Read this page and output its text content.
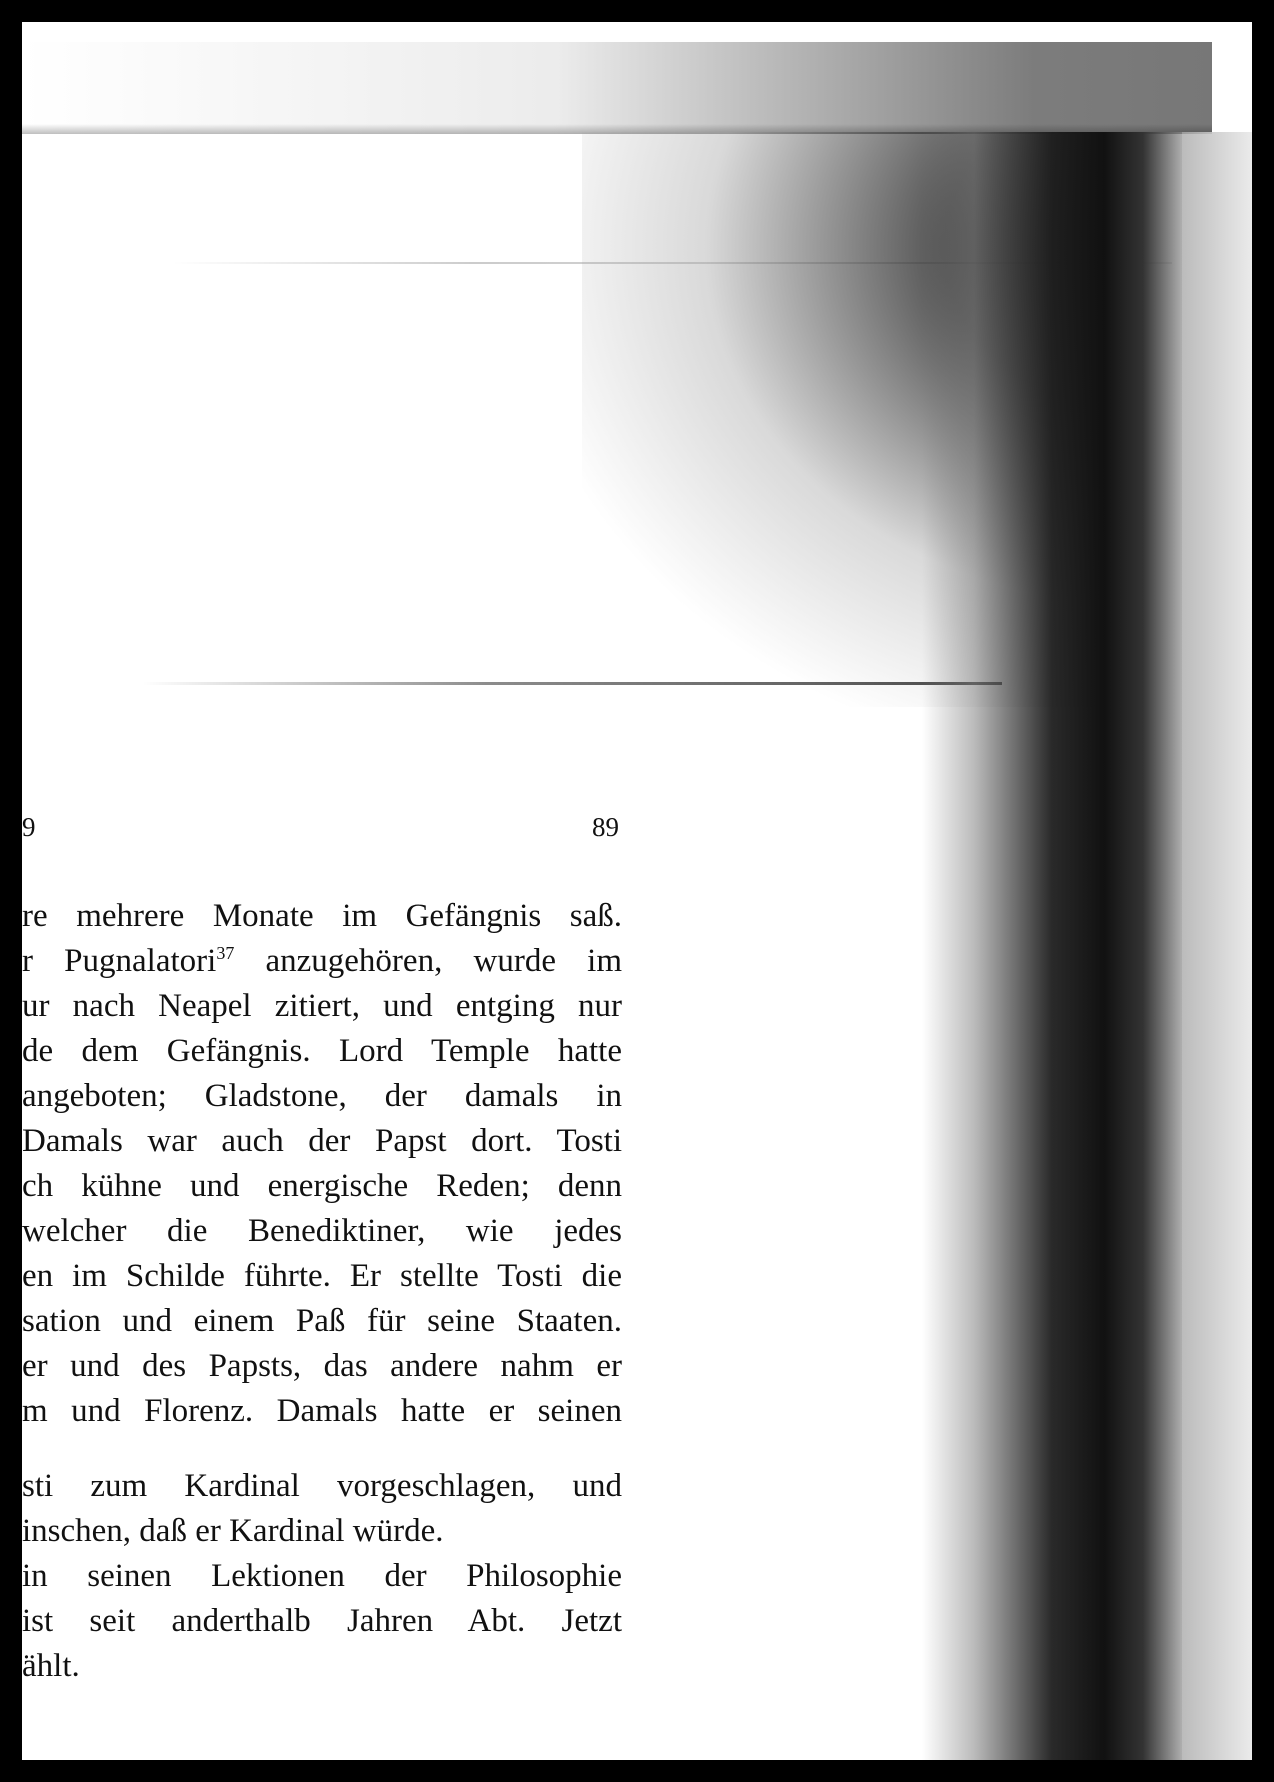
9	89
re mehrere Monate im Gefängnis saß.
r Pugnalatori$^{37}$ anzugehören, wurde im
ur nach Neapel zitiert, und entging nur
de dem Gefängnis. Lord Temple hatte
angeboten; Gladstone, der damals in
Damals war auch der Papst dort. Tosti
ch kühne und energische Reden; denn
welcher die Benediktiner, wie jedes
en im Schilde führte. Er stellte Tosti die
sation und einem Paß für seine Staaten.
er und des Papsts, das andere nahm er
m und Florenz. Damals hatte er seinen
sti zum Kardinal vorgeschlagen, und
inschen, daß er Kardinal würde.
in seinen Lektionen der Philosophie
ist seit anderthalb Jahren Abt. Jetzt
ählt.
